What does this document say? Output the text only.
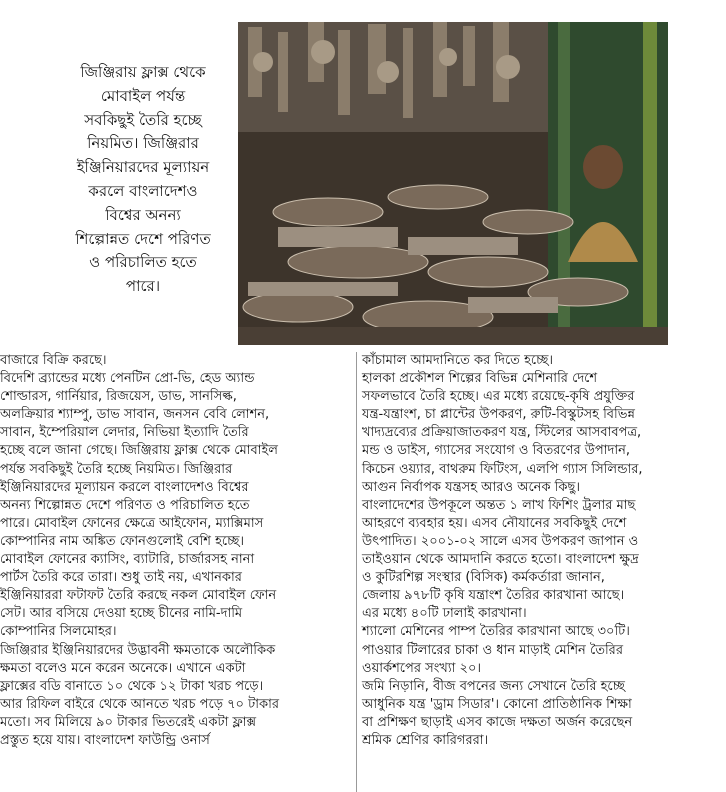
জিঞ্জিরায় ফ্লাক্স থেকে
মোবাইল পর্যন্ত
সবকিছুই তৈরি হচ্ছে
নিয়মিত। জিঞ্জিরার
ইঞ্জিনিয়ারদের মূল্যায়ন
করলে বাংলাদেশও
বিশ্বের অনন্য
শিল্পোন্নত দেশে পরিণত
ও পরিচালিত হতে
পারে।

বাজারে বিক্রি করছে।

বিদেশি ব্র্যান্ডের মধ্যে পেনটিন প্রো-ভি, হেড অ্যান্ড
শোল্ডারস, গার্নিয়ার, রিজয়েস, ডাভ, সানসিল্ক,
অলক্রিয়ার শ্যাম্পু, ডাভ সাবান, জনসন বেবি লোশন,
সাবান, ইম্পেরিয়াল লেদার, নিভিয়া ইত্যাদি তৈরি
হচ্ছে বলে জানা গেছে। জিঞ্জিরায় ফ্লাক্স থেকে মোবাইল
পর্যন্ত সবকিছুই তৈরি হচ্ছে নিয়মিত। জিঞ্জিরার
ইঞ্জিনিয়ারদের মূল্যায়ন করলে বাংলাদেশও বিশ্বের
অনন্য শিল্পোন্নত দেশে পরিণত ও পরিচালিত হতে
পারে। মোবাইল ফোনের ক্ষেত্রে আইফোন, ম্যাক্সিমাস
কোম্পানির নাম অঙ্কিত ফোনগুলোই বেশি হচ্ছে।

মোবাইল ফোনের ক্যাসিং, ব্যাটারি, চার্জারসহ নানা
পার্টস তৈরি করে তারা। শুধু তাই নয়, এখানকার
ইঞ্জিনিয়াররা ফটাফট তৈরি করছে নকল মোবাইল ফোন
সেট। আর বসিয়ে দেওয়া হচ্ছে চীনের নামি-দামি
কোম্পানির সিলমোহর।

জিঞ্জিরার ইঞ্জিনিয়ারদের উদ্ভাবনী ক্ষমতাকে অলৌকিক
ক্ষমতা বলেও মনে করেন অনেকে। এখানে একটা
ফ্লাক্সের বডি বানাতে ১০ থেকে ১২ টাকা খরচ পড়ে।
আর রিফিল বাইরে থেকে আনতে খরচ পড়ে ৭০ টাকার
মতো। সব মিলিয়ে ৯০ টাকার ভিতরেই একটা ফ্লাক্স
প্রস্তুত হয়ে যায়। বাংলাদেশ ফাউন্ড্রি ওনার্স

কাঁচামাল আমদানিতে কর দিতে হচ্ছে।

হালকা প্রকৌশল শিল্পের বিভিন্ন মেশিনারি দেশে
সফলভাবে তৈরি হচ্ছে। এর মধ্যে রয়েছে-কৃষি প্রযুক্তির
যন্ত্র-যন্ত্রাংশ, চা প্লান্টের উপকরণ, রুটি-বিস্কুটসহ বিভিন্ন
খাদ্যদ্রব্যের প্রক্রিয়াজাতকরণ যন্ত্র, স্টিলের আসবাবপত্র,
মন্ড ও ডাইস, গ্যাসের সংযোগ ও বিতরণের উপাদান,
কিচেন ওয়্যার, বাথরুম ফিটিংস, এলপি গ্যাস সিলিন্ডার,
আগুন নির্বাপক যন্ত্রসহ আরও অনেক কিছু।

বাংলাদেশের উপকূলে অন্তত ১ লাখ ফিশিং ট্রলার মাছ
আহরণে ব্যবহার হয়। এসব নৌযানের সবকিছুই দেশে
উৎপাদিত। ২০০১-০২ সালে এসব উপকরণ জাপান ও
তাইওয়ান থেকে আমদানি করতে হতো। বাংলাদেশ ক্ষুদ্র
ও কুটিরশিল্প সংস্থার (বিসিক) কর্মকর্তারা জানান,
জেলায় ৯৭৮টি কৃষি যন্ত্রাংশ তৈরির কারখানা আছে।
এর মধ্যে ৪০টি ঢালাই কারখানা।

শ্যালো মেশিনের পাম্প তৈরির কারখানা আছে ৩০টি।
পাওয়ার টিলারের চাকা ও ধান মাড়াই মেশিন তৈরির
ওয়ার্কশপের সংখ্যা ২০।

জমি নিড়ানি, বীজ বপনের জন্য সেখানে তৈরি হচ্ছে
আধুনিক যন্ত্র 'ড্রাম সিডার'। কোনো প্রাতিষ্ঠানিক শিক্ষা
বা প্রশিক্ষণ ছাড়াই এসব কাজে দক্ষতা অর্জন করেছেন
শ্রমিক শ্রেণির কারিগররা।
